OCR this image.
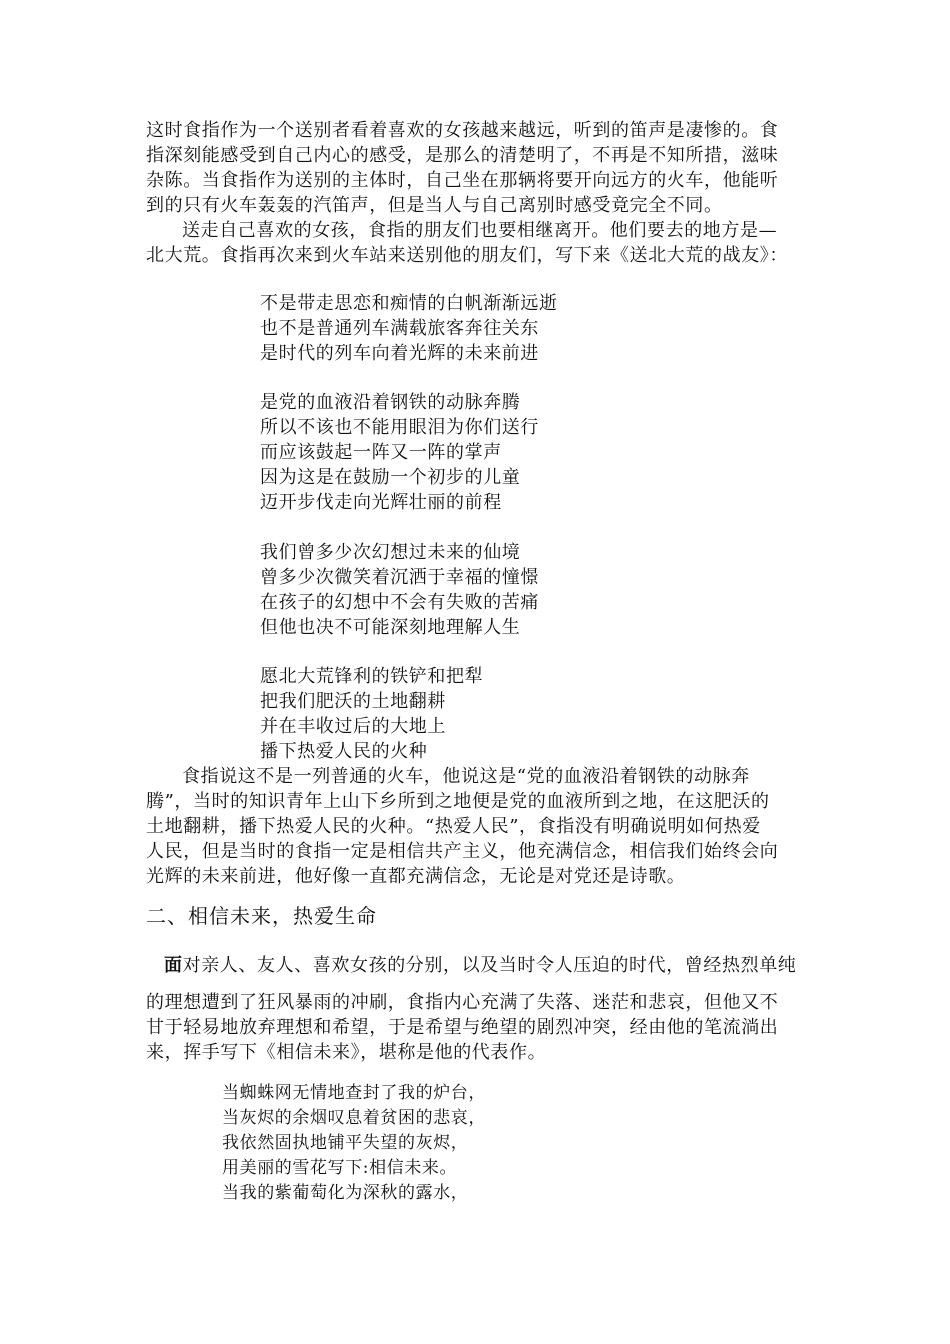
这时食指作为一个送别者看着喜欢的女孩越来越远，听到的笛声是凄惨的。食
指深刻能感受到自己内心的感受，是那么的清楚明了，不再是不知所措，滋味
杂陈。当食指作为送别的主体时，自己坐在那辆将要开向远方的火车，他能听
到的只有火车轰轰的汽笛声，但是当人与自己离别时感受竟完全不同。
送走自己喜欢的女孩，食指的朋友们也要相继离开。他们要去的地方是—
北大荒。食指再次来到火车站来送别他的朋友们，写下来《送北大荒的战友》：
不是带走思恋和痴情的白帆渐渐远逝
也不是普通列车满载旅客奔往关东
是时代的列车向着光辉的未来前进
是党的血液沿着钢铁的动脉奔腾
所以不该也不能用眼泪为你们送行
而应该鼓起一阵又一阵的掌声
因为这是在鼓励一个初步的儿童
迈开步伐走向光辉壮丽的前程
我们曾多少次幻想过未来的仙境
曾多少次微笑着沉洒于幸福的憧憬
在孩子的幻想中不会有失败的苦痛
但他也决不可能深刻地理解人生
愿北大荒锋利的铁铲和把犁
把我们肥沃的土地翻耕
并在丰收过后的大地上
播下热爱人民的火种
食指说这不是一列普通的火车，他说这是“党的血液沿着钢铁的动脉奔
腾”，当时的知识青年上山下乡所到之地便是党的血液所到之地，在这肥沃的
土地翻耕，播下热爱人民的火种。“热爱人民”，食指没有明确说明如何热爱
人民，但是当时的食指一定是相信共产主义，他充满信念，相信我们始终会向
光辉的未来前进，他好像一直都充满信念，无论是对党还是诗歌。
二、相信未来，热爱生命
面对亲人、友人、喜欢女孩的分别，以及当时令人压迫的时代，曾经热烈单纯
的理想遭到了狂风暴雨的冲刷，食指内心充满了失落、迷茫和悲哀，但他又不
甘于轻易地放弃理想和希望，于是希望与绝望的剧烈冲突，经由他的笔流淌出
来，挥手写下《相信未来》，堪称是他的代表作。
当蜘蛛网无情地查封了我的炉台，
当灰烬的余烟叹息着贫困的悲哀，
我依然固执地铺平失望的灰烬，
用美丽的雪花写下:相信未来。
当我的紫葡萄化为深秋的露水，
